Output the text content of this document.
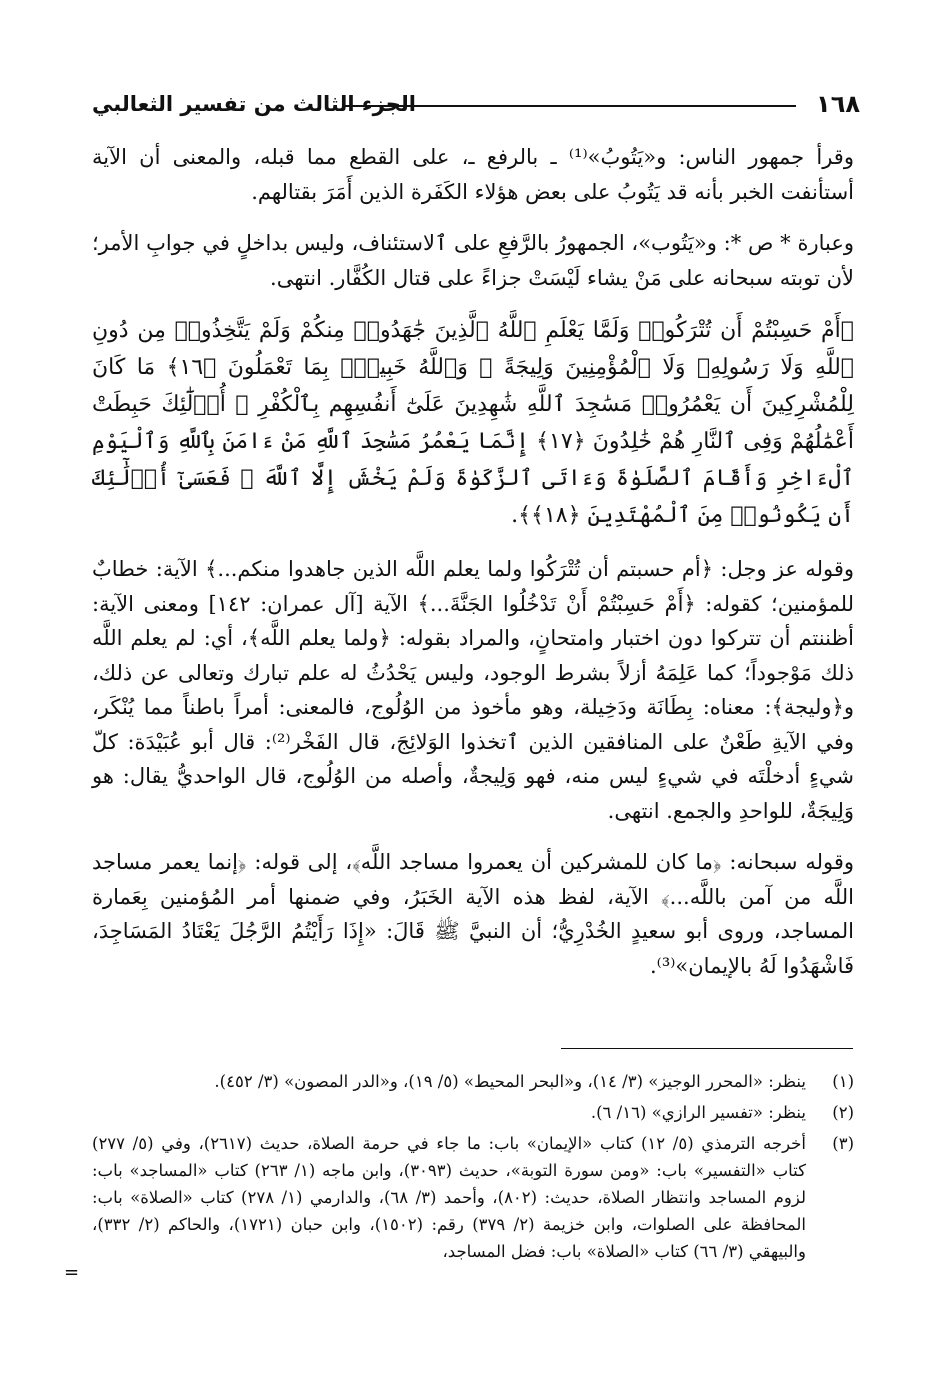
١٦٨
الجزء الثالث من تفسير الثعالبي

وقرأ جمهور الناس: و«يَتُوبُ»⁽¹⁾ ـ بالرفع ـ، على القطع مما قبله، والمعنى أن الآية أستأنفت الخبر بأنه قد يَتُوبُ على بعض هؤلاء الكَفَرة الذين أَمَرَ بقتالهم.

وعبارة * ص *: و«يَتُوب»، الجمهورُ بالرَّفعِ على ٱلاستئناف، وليس بداخلٍ في جوابِ الأمر؛ لأن توبته سبحانه على مَنْ يشاء لَيْسَتْ جزاءً على قتال الكُفَّار. انتهى.

﴿أَمْ حَسِبْتُمْ أَن تُتْرَكُوا۟ وَلَمَّا يَعْلَمِ ٱللَّهُ ٱلَّذِينَ جَٰهَدُوا۟ مِنكُمْ وَلَمْ يَتَّخِذُوا۟ مِن دُونِ ٱللَّهِ وَلَا رَسُولِهِۦ وَلَا ٱلْمُؤْمِنِينَ وَلِيجَةً ۚ وَٱللَّهُ خَبِيرٌۢ بِمَا تَعْمَلُونَ ﴿١٦﴾ مَا كَانَ لِلْمُشْرِكِينَ أَن يَعْمُرُوا۟ مَسَٰجِدَ ٱللَّهِ شَٰهِدِينَ عَلَىٰٓ أَنفُسِهِم بِٱلْكُفْرِ ۚ أُو۟لَٰٓئِكَ حَبِطَتْ أَعْمَٰلُهُمْ وَفِى ٱلنَّارِ هُمْ خَٰلِدُونَ ﴿١٧﴾ إِنَّمَا يَعْمُرُ مَسَٰجِدَ ٱللَّهِ مَنْ ءَامَنَ بِٱللَّهِ وَٱلْيَوْمِ ٱلْءَاخِرِ وَأَقَامَ ٱلصَّلَوٰةَ وَءَاتَى ٱلزَّكَوٰةَ وَلَمْ يَخْشَ إِلَّا ٱللَّهَ ۖ فَعَسَىٰٓ أُو۟لَٰٓئِكَ أَن يَكُونُوا۟ مِنَ ٱلْمُهْتَدِينَ ﴿١٨﴾﴾.

وقوله عز وجل: ﴿أم حسبتم أن تُتْرَكُوا ولما يعلم اللَّه الذين جاهدوا منكم...﴾ الآية: خطابٌ للمؤمنين؛ كقوله: ﴿أَمْ حَسِبْتُمْ أَنْ تَدْخُلُوا الجَنَّةَ...﴾ الآية [آل عمران: ١٤٢] ومعنى الآية: أظننتم أن تتركوا دون اختبار وامتحانٍ، والمراد بقوله: ﴿ولما يعلم اللَّه﴾، أي: لم يعلم اللَّه ذلك مَوْجوداً؛ كما عَلِمَهُ أزلاً بشرط الوجود، وليس يَحْدُثُ له علم تبارك وتعالى عن ذلك، و﴿وليجة﴾: معناه: بِطَانَة ودَخِيلة، وهو مأخوذ من الوُلُوج، فالمعنى: أمراً باطناً مما يُنْكَر، وفي الآيةِ طَعْنٌ على المنافقين الذين ٱتخذوا الوَلائِجَ، قال الفَخْر⁽²⁾: قال أبو عُبَيْدَة: كلّ شيءٍ أدخلْتَه في شيءٍ ليس منه، فهو وَلِيجةٌ، وأصله من الوُلُوج، قال الواحديُّ يقال: هو وَلِيجَةٌ، للواحدِ والجمع. انتهى.

وقوله سبحانه: ﴿ما كان للمشركين أن يعمروا مساجد اللَّه﴾، إلى قوله: ﴿إنما يعمر مساجد اللَّه من آمن باللَّه...﴾ الآية، لفظ هذه الآية الخَبَرُ، وفي ضمنها أمر المُؤمنين بِعَمارة المساجد، وروى أبو سعيدٍ الخُدْرِيُّ؛ أن النبيَّ ﷺ قَالَ: «إِذَا رَأَيْتُمُ الرَّجُلَ يَعْتَادُ المَسَاجِدَ، فَاشْهَدُوا لَهُ بالإيمان»⁽³⁾.

(١)
ينظر: «المحرر الوجيز» (٣/ ١٤)، و«البحر المحيط» (٥/ ١٩)، و«الدر المصون» (٣/ ٤٥٢).
(٢)
ينظر: «تفسير الرازي» (١٦/ ٦).
(٣)
أخرجه الترمذي (٥/ ١٢) كتاب «الإيمان» باب: ما جاء في حرمة الصلاة، حديث (٢٦١٧)، وفي (٥/ ٢٧٧) كتاب «التفسير» باب: «ومن سورة التوبة»، حديث (٣٠٩٣)، وابن ماجه (١/ ٢٦٣) كتاب «المساجد» باب: لزوم المساجد وانتظار الصلاة، حديث: (٨٠٢)، وأحمد (٣/ ٦٨)، والدارمي (١/ ٢٧٨) كتاب «الصلاة» باب: المحافظة على الصلوات، وابن خزيمة (٢/ ٣٧٩) رقم: (١٥٠٢)، وابن حبان (١٧٢١)، والحاكم (٢/ ٣٣٢)، والبيهقي (٣/ ٦٦) كتاب «الصلاة» باب: فضل المساجد،
=
